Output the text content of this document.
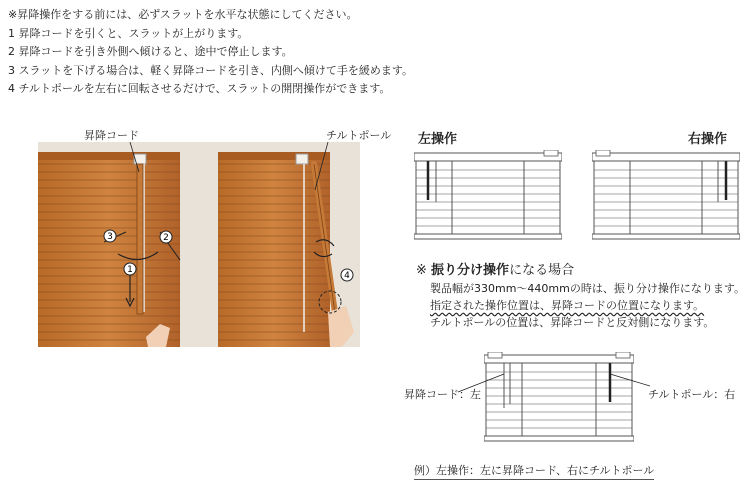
※昇降操作をする前には、必ずスラットを水平な状態にしてください。
1 昇降コードを引くと、スラットが上がります。
2 昇降コードを引き外側へ傾けると、途中で停止します。
3 スラットを下げる場合は、軽く昇降コードを引き、内側へ傾けて手を緩めます。
4 チルトポールを左右に回転させるだけで、スラットの開閉操作ができます。
昇降コード	チルトポール
1
2
3
4
左操作	右操作
※ 振り分け操作になる場合
製品幅が330mm〜440mmの時は、振り分け操作になります。
指定された操作位置は、昇降コードの位置になります。
チルトポールの位置は、昇降コードと反対側になります。
昇降コード：左	チルトポール：右
例）左操作：左に昇降コード、右にチルトポール
